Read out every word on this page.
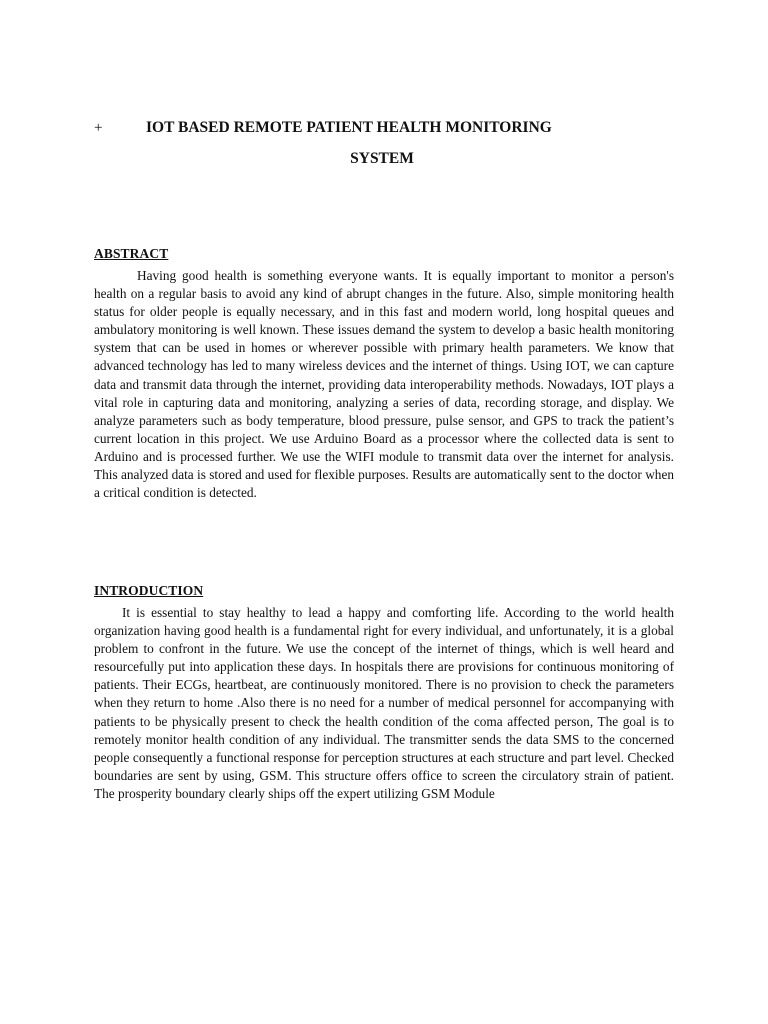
+	IOT BASED REMOTE PATIENT HEALTH MONITORING
SYSTEM
ABSTRACT

Having good health is something everyone wants. It is equally important to monitor a person's health on a regular basis to avoid any kind of abrupt changes in the future. Also, simple monitoring health status for older people is equally necessary, and in this fast and modern world, long hospital queues and ambulatory monitoring is well known. These issues demand the system to develop a basic health monitoring system that can be used in homes or wherever possible with primary health parameters. We know that advanced technology has led to many wireless devices and the internet of things. Using IOT, we can capture data and transmit data through the internet, providing data interoperability methods. Nowadays, IOT plays a vital role in capturing data and monitoring, analyzing a series of data, recording storage, and display. We analyze parameters such as body temperature, blood pressure, pulse sensor, and GPS to track the patient’s current location in this project. We use Arduino Board as a processor where the collected data is sent to Arduino and is processed further. We use the WIFI module to transmit data over the internet for analysis. This analyzed data is stored and used for flexible purposes. Results are automatically sent to the doctor when a critical condition is detected.

INTRODUCTION

It is essential to stay healthy to lead a happy and comforting life. According to the world health organization having good health is a fundamental right for every individual, and unfortunately, it is a global problem to confront in the future. We use the concept of the internet of things, which is well heard and resourcefully put into application these days. In hospitals there are provisions for continuous monitoring of patients. Their ECGs, heartbeat, are continuously monitored. There is no provision to check the parameters when they return to home .Also there is no need for a number of medical personnel for accompanying with patients to be physically present to check the health condition of the coma affected person, The goal is to remotely monitor health condition of any individual. The transmitter sends the data SMS to the concerned people consequently a functional response for perception structures at each structure and part level. Checked boundaries are sent by using, GSM. This structure offers office to screen the circulatory strain of patient. The prosperity boundary clearly ships off the expert utilizing GSM Module
